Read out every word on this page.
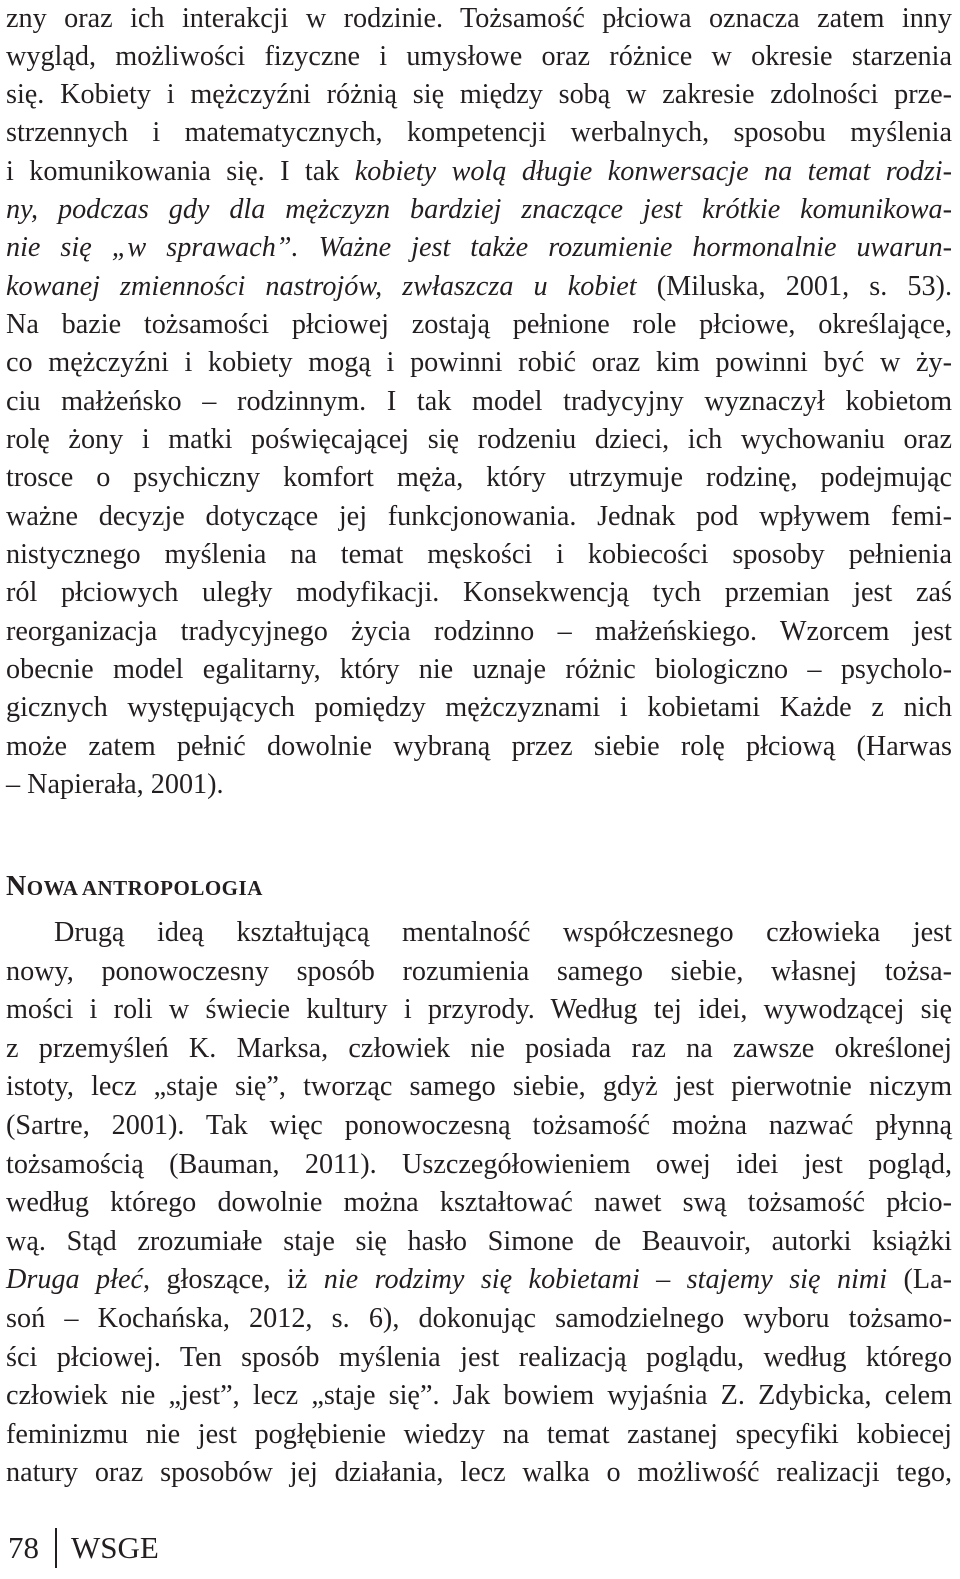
zny oraz ich interakcji w rodzinie. Tożsamość płciowa oznacza zatem inny
wygląd, możliwości fizyczne i umysłowe oraz różnice w okresie starzenia
się. Kobiety i mężczyźni różnią się między sobą w zakresie zdolności prze-
strzennych i matematycznych, kompetencji werbalnych, sposobu myślenia
i komunikowania się. I tak kobiety wolą długie konwersacje na temat rodzi-
ny, podczas gdy dla mężczyzn bardziej znaczące jest krótkie komunikowa-
nie się „w sprawach”. Ważne jest także rozumienie hormonalnie uwarun-
kowanej zmienności nastrojów, zwłaszcza u kobiet (Miluska, 2001, s. 53).
Na bazie tożsamości płciowej zostają pełnione role płciowe, określające,
co mężczyźni i kobiety mogą i powinni robić oraz kim powinni być w ży-
ciu małżeńsko – rodzinnym. I tak model tradycyjny wyznaczył kobietom
rolę żony i matki poświęcającej się rodzeniu dzieci, ich wychowaniu oraz
trosce o psychiczny komfort męża, który utrzymuje rodzinę, podejmując
ważne decyzje dotyczące jej funkcjonowania. Jednak pod wpływem femi-
nistycznego myślenia na temat męskości i kobiecości sposoby pełnienia
ról płciowych uległy modyfikacji. Konsekwencją tych przemian jest zaś
reorganizacja tradycyjnego życia rodzinno – małżeńskiego. Wzorcem jest
obecnie model egalitarny, który nie uznaje różnic biologiczno – psycholo-
gicznych występujących pomiędzy mężczyznami i kobietami Każde z nich
może zatem pełnić dowolnie wybraną przez siebie rolę płciową (Harwas
– Napierała, 2001).
NOWA ANTROPOLOGIA
Drugą ideą kształtującą mentalność współczesnego człowieka jest
nowy, ponowoczesny sposób rozumienia samego siebie, własnej tożsa-
mości i roli w świecie kultury i przyrody. Według tej idei, wywodzącej się
z przemyśleń K. Marksa, człowiek nie posiada raz na zawsze określonej
istoty, lecz „staje się”, tworząc samego siebie, gdyż jest pierwotnie niczym
(Sartre, 2001). Tak więc ponowoczesną tożsamość można nazwać płynną
tożsamością (Bauman, 2011). Uszczegółowieniem owej idei jest pogląd,
według którego dowolnie można kształtować nawet swą tożsamość płcio-
wą. Stąd zrozumiałe staje się hasło Simone de Beauvoir, autorki książki
Druga płeć, głoszące, iż nie rodzimy się kobietami – stajemy się nimi (La-
soń – Kochańska, 2012, s. 6), dokonując samodzielnego wyboru tożsamo-
ści płciowej. Ten sposób myślenia jest realizacją poglądu, według którego
człowiek nie „jest”, lecz „staje się”. Jak bowiem wyjaśnia Z. Zdybicka, celem
feminizmu nie jest pogłębienie wiedzy na temat zastanej specyfiki kobiecej
natury oraz sposobów jej działania, lecz walka o możliwość realizacji tego,
78 WSGE
